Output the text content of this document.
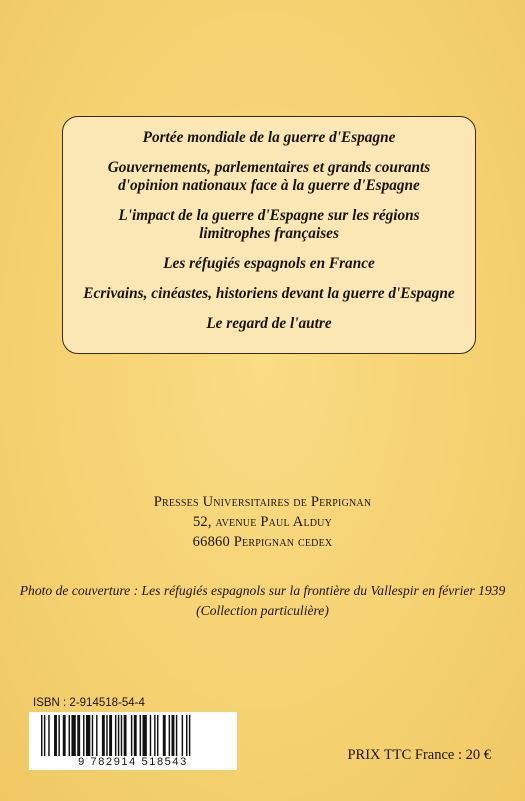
Portée mondiale de la guerre d'Espagne

Gouvernements, parlementaires et grands courants
d'opinion nationaux face à la guerre d'Espagne

L'impact de la guerre d'Espagne sur les régions
limitrophes françaises

Les réfugiés espagnols en France

Ecrivains, cinéastes, historiens devant la guerre d'Espagne

Le regard de l'autre

Presses Universitaires de Perpignan
52, avenue Paul Alduy
66860 Perpignan cedex
Photo de couverture : Les réfugiés espagnols sur la frontière du Vallespir en février 1939
(Collection particulière)
ISBN : 2-914518-54-4
9 782914 518543	PRIX TTC France : 20 €
